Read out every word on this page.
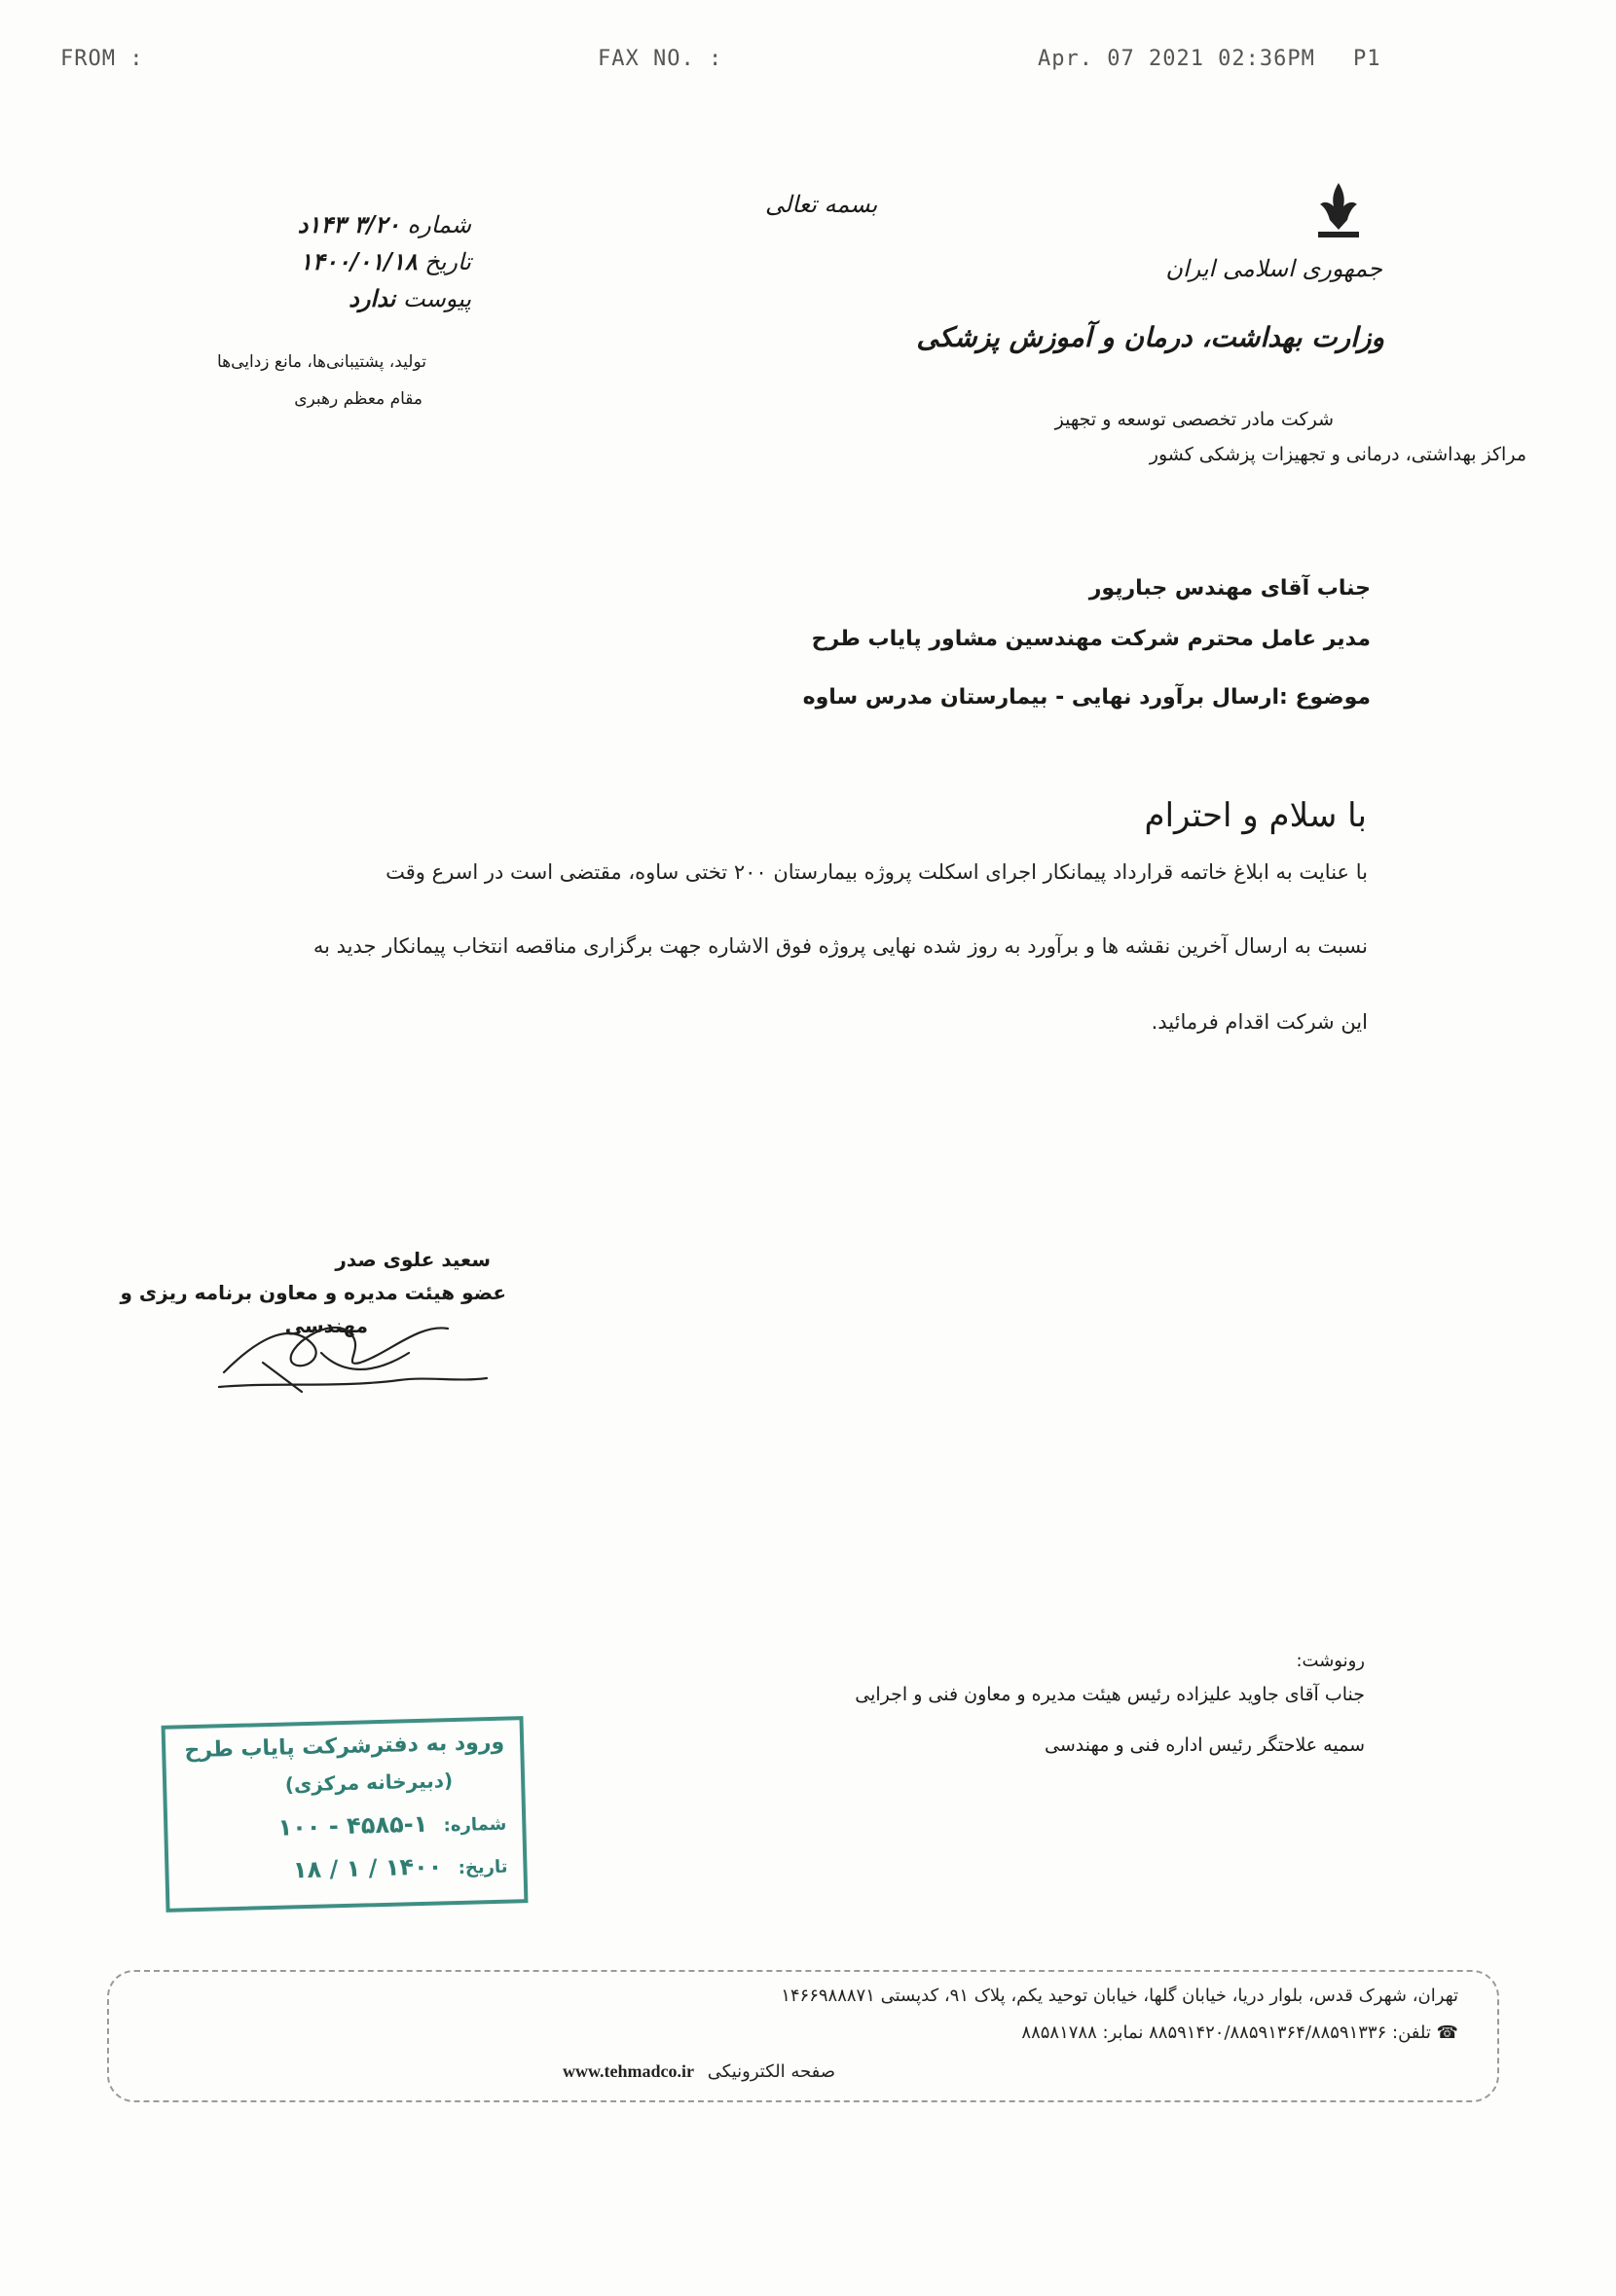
FROM :	FAX NO. :	Apr. 07 2021 02:36PM P1
بسمه تعالی
شماره ۳/۲۰ ۱۴۳د
تاریخ ۱۴۰۰/۰۱/۱۸
پیوست ندارد
تولید، پشتیبانی‌ها، مانع زدایی‌ها
مقام معظم رهبری
جمهوری اسلامی ایران
وزارت بهداشت، درمان و آموزش پزشکی
شرکت مادر تخصصی توسعه و تجهیز
مراکز بهداشتی، درمانی و تجهیزات پزشکی کشور
جناب آقای مهندس جبارپور
مدیر عامل محترم شرکت مهندسین مشاور پایاب طرح
موضوع :ارسال برآورد نهایی - بیمارستان مدرس ساوه
با سلام و احترام
با عنایت به ابلاغ خاتمه قرارداد پیمانکار اجرای اسکلت پروژه بیمارستان ۲۰۰ تختی ساوه، مقتضی است در اسرع وقت
نسبت به ارسال آخرین نقشه ها و برآورد به روز شده نهایی پروژه فوق الاشاره جهت برگزاری مناقصه انتخاب پیمانکار جدید به
این شرکت اقدام فرمائید.
سعید علوی صدر
عضو هیئت مدیره و معاون برنامه ریزی و
مهندسی
رونوشت:
جناب آقای جاوید علیزاده رئیس هیئت مدیره و معاون فنی و اجرایی
سمیه علاحتگر رئیس اداره فنی و مهندسی
ورود به دفترشرکت پایاب طرح
(دبیرخانه مرکزی)
شماره: ۱-۴۵۸۵ - ۱۰۰
تاریخ: ۱۴۰۰ / ۱ / ۱۸
تهران، شهرک قدس، بلوار دریا، خیابان گلها، خیابان توحید یکم، پلاک ۹۱، کدپستی ۱۴۶۶۹۸۸۸۷۱
☎ تلفن: ۸۸۵۹۱۴۲۰/۸۸۵۹۱۳۶۴/۸۸۵۹۱۳۳۶ نمابر: ۸۸۵۸۱۷۸۸
صفحه الکترونیکی www.tehmadco.ir
